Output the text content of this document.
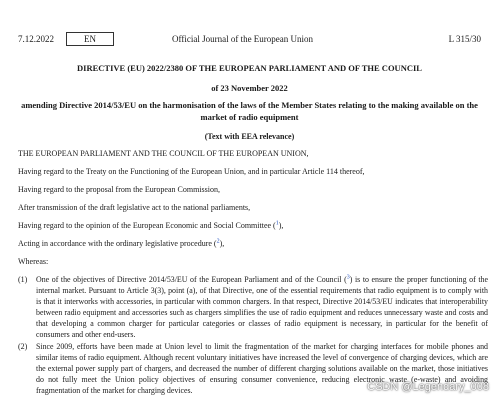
7.12.2022	EN	Official Journal of the European Union	L 315/30
DIRECTIVE (EU) 2022/2380 OF THE EUROPEAN PARLIAMENT AND OF THE COUNCIL
of 23 November 2022
amending Directive 2014/53/EU on the harmonisation of the laws of the Member States relating to the making available on the market of radio equipment
(Text with EEA relevance)
THE EUROPEAN PARLIAMENT AND THE COUNCIL OF THE EUROPEAN UNION,
Having regard to the Treaty on the Functioning of the European Union, and in particular Article 114 thereof,
Having regard to the proposal from the European Commission,
After transmission of the draft legislative act to the national parliaments,
Having regard to the opinion of the European Economic and Social Committee ($^1$),
Acting in accordance with the ordinary legislative procedure ($^2$),
Whereas:
(1) One of the objectives of Directive 2014/53/EU of the European Parliament and of the Council ($^3$) is to ensure the proper functioning of the internal market. Pursuant to Article 3(3), point (a), of that Directive, one of the essential requirements that radio equipment is to comply with is that it interworks with accessories, in particular with common chargers. In that respect, Directive 2014/53/EU indicates that interoperability between radio equipment and accessories such as chargers simplifies the use of radio equipment and reduces unnecessary waste and costs and that developing a common charger for particular categories or classes of radio equipment is necessary, in particular for the benefit of consumers and other end-users.
(2) Since 2009, efforts have been made at Union level to limit the fragmentation of the market for charging interfaces for mobile phones and similar items of radio equipment. Although recent voluntary initiatives have increased the level of convergence of charging devices, which are the external power supply part of chargers, and decreased the number of different charging solutions available on the market, those initiatives do not fully meet the Union policy objectives of ensuring consumer convenience, reducing electronic waste (e-waste) and avoiding fragmentation of the market for charging devices.	CSDN @Legendary_008
